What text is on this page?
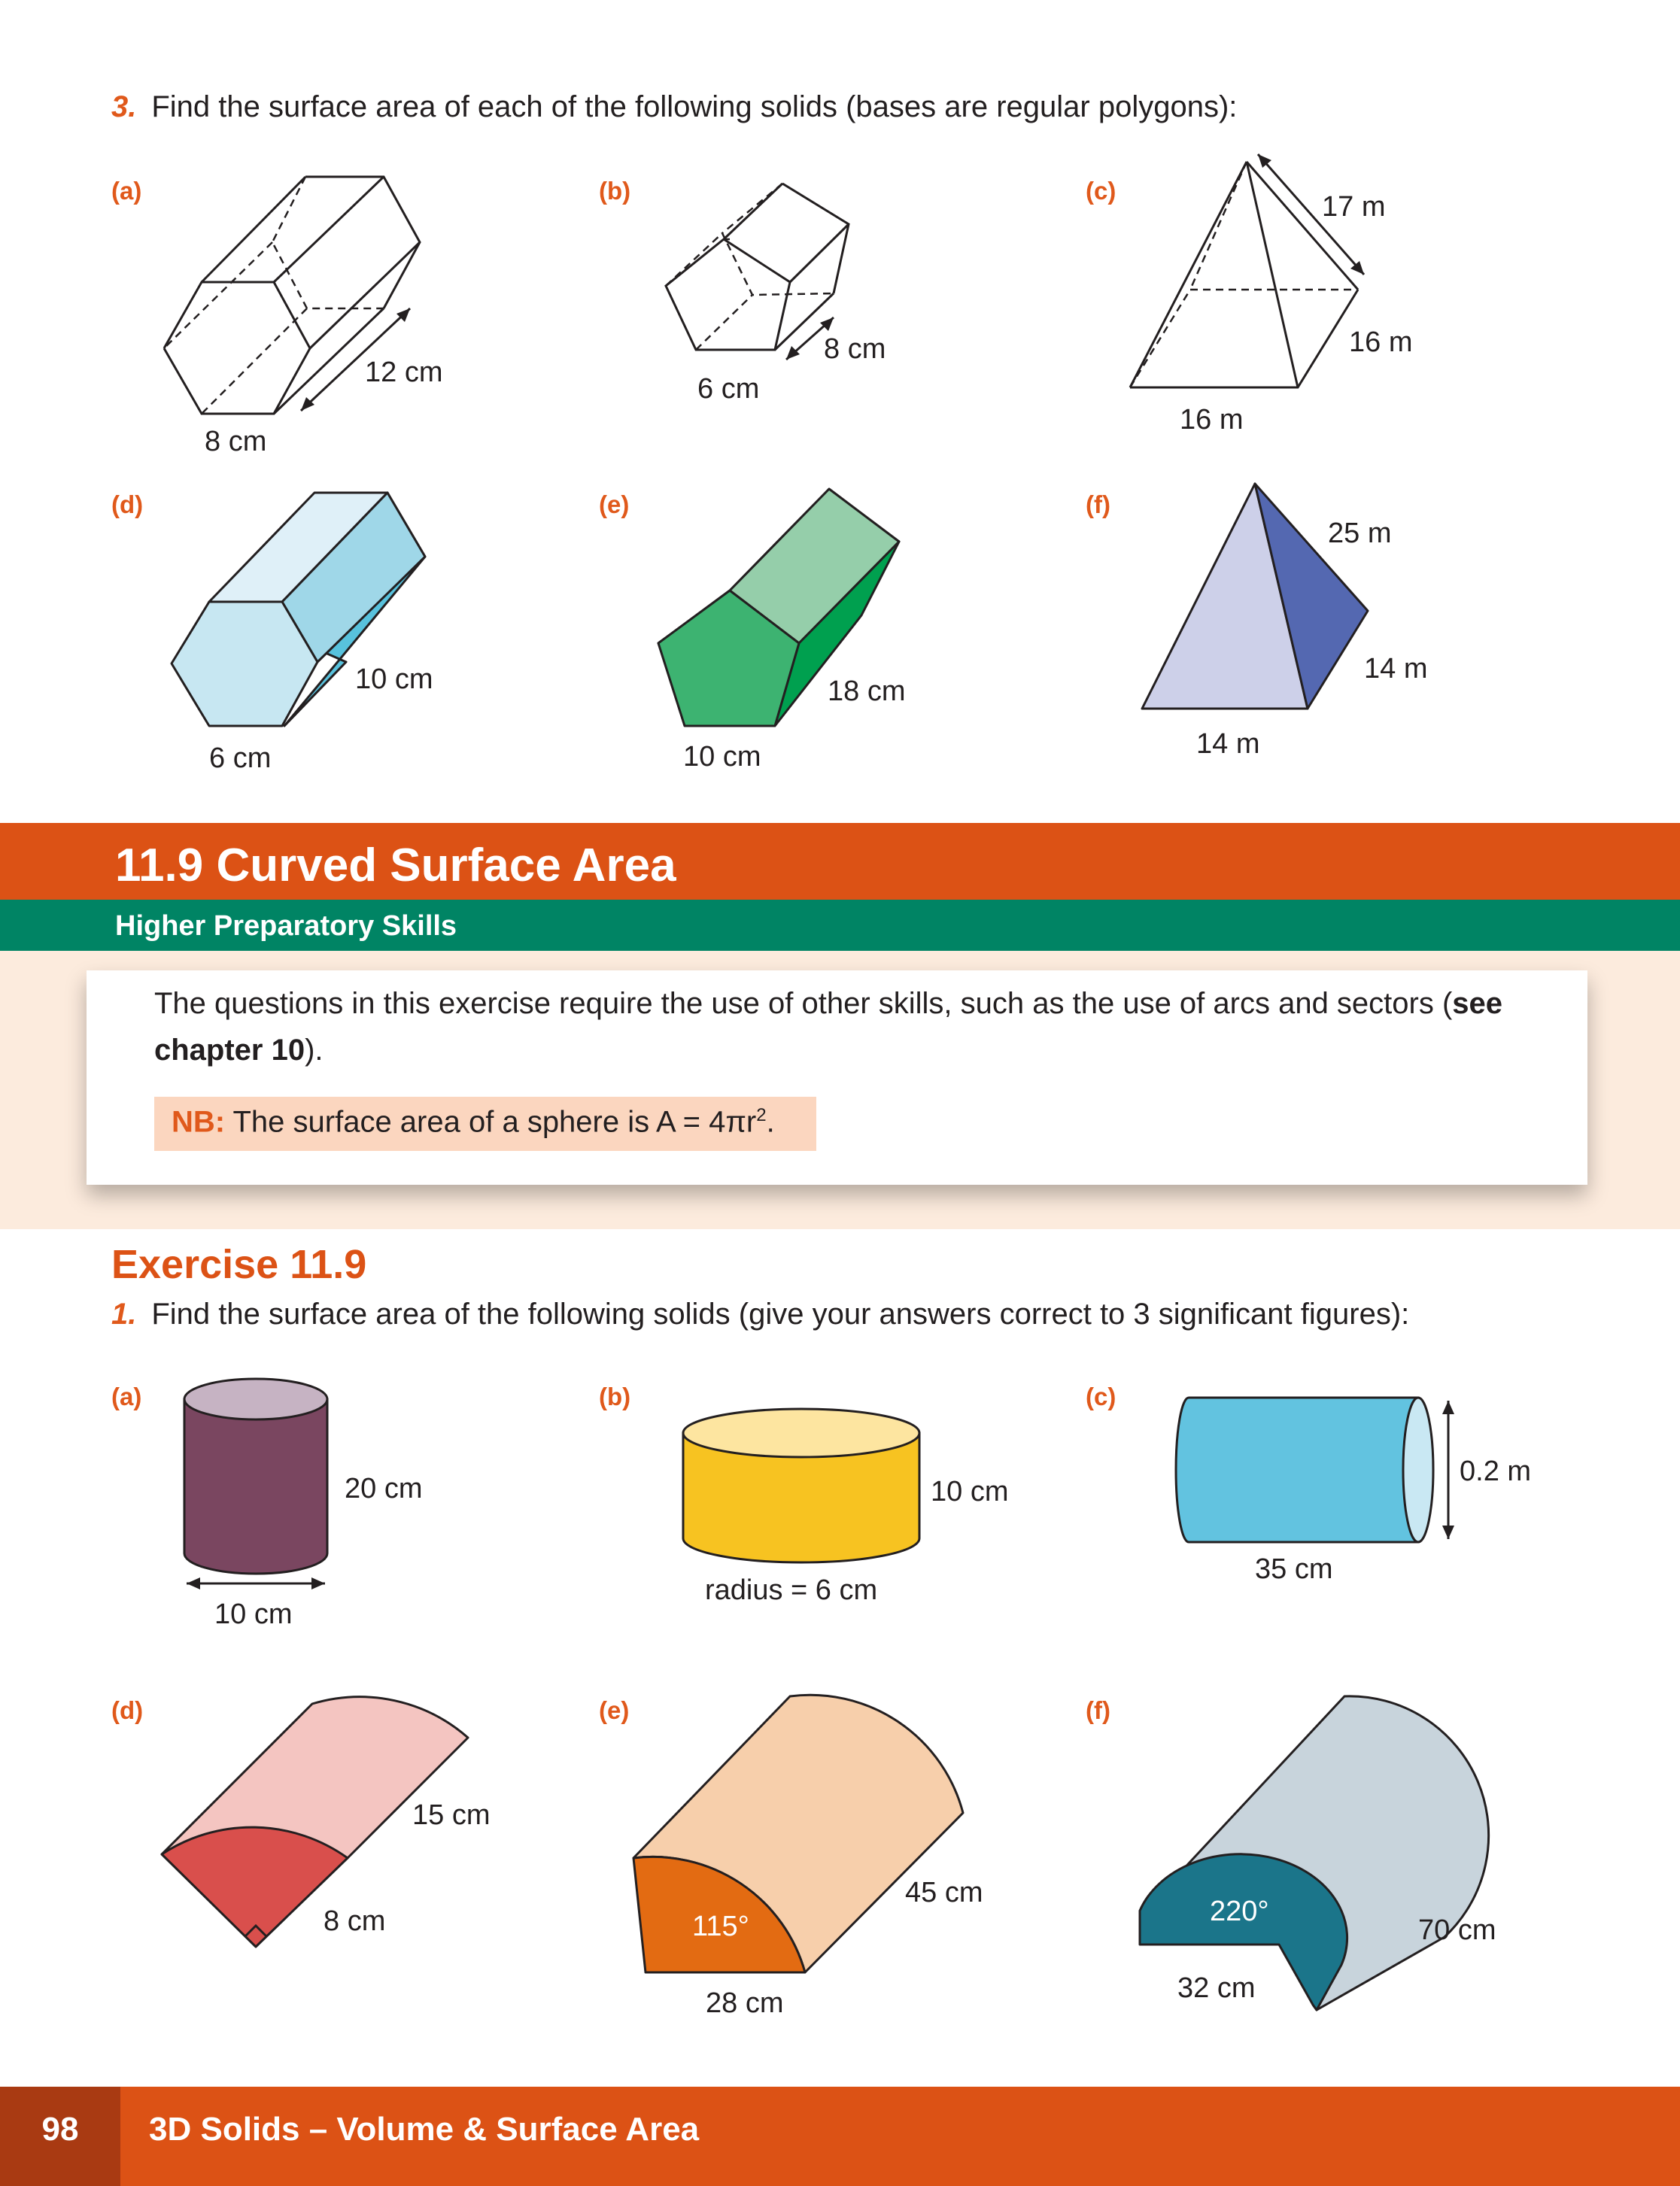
3. Find the surface area of each of the following solids (bases are regular polygons):
(a)
12 cm
8 cm
(b)
8 cm
6 cm
(c)
17 m
16 m
16 m
(d)
10 cm
6 cm
(e)
18 cm
10 cm
(f)
25 m
14 m
14 m
11.9 Curved Surface Area
Higher Preparatory Skills
The questions in this exercise require the use of other skills, such as the use of arcs and sectors (see chapter 10).
NB: The surface area of a sphere is $A = 4\pi r^2$.
Exercise 11.9
1. Find the surface area of the following solids (give your answers correct to 3 significant figures):
(a)
20 cm
10 cm
(b)
10 cm
radius = 6 cm
(c)
0.2 m
35 cm
(d)
15 cm
8 cm
(e)
45 cm
115°
28 cm
(f)
220°
70 cm
32 cm
98	3D Solids – Volume & Surface Area
